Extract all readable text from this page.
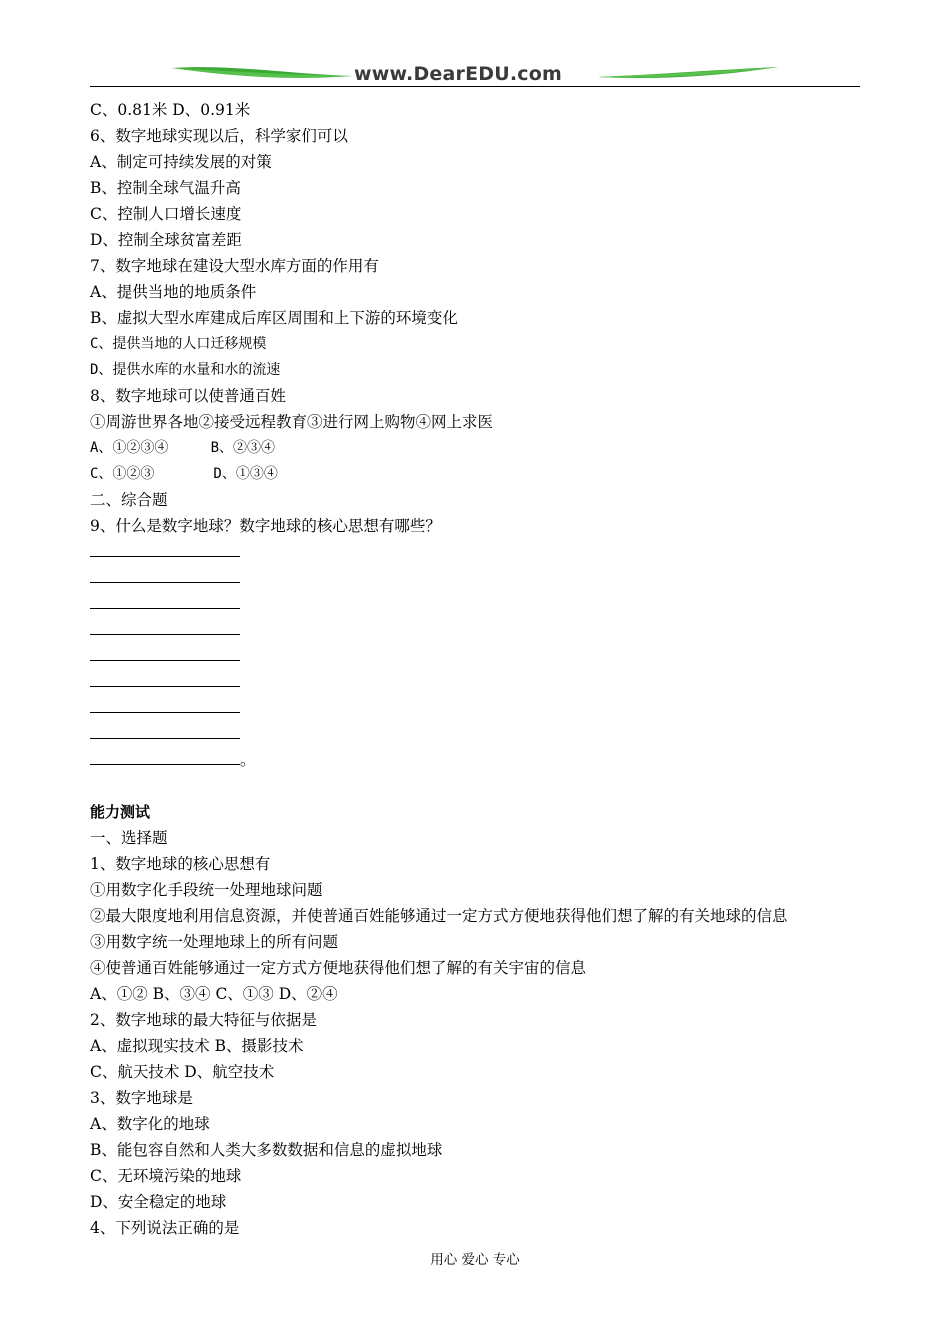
www.DearEDU.com
C、0.81米 D、0.91米
6、数字地球实现以后，科学家们可以
A、制定可持续发展的对策
B、控制全球气温升高
C、控制人口增长速度
D、控制全球贫富差距
7、数字地球在建设大型水库方面的作用有
A、提供当地的地质条件
B、虚拟大型水库建成后库区周围和上下游的环境变化
C、提供当地的人口迁移规模
D、提供水库的水量和水的流速
8、数字地球可以使普通百姓
①周游世界各地②接受远程教育③进行网上购物④网上求医
A、①②③④     B、②③④
C、①②③       D、①③④
二、综合题
9、什么是数字地球？数字地球的核心思想有哪些？
。
能力测试
一、选择题
1、数字地球的核心思想有
①用数字化手段统一处理地球问题
②最大限度地利用信息资源，并使普通百姓能够通过一定方式方便地获得他们想了解的有关地球的信息
③用数字统一处理地球上的所有问题
④使普通百姓能够通过一定方式方便地获得他们想了解的有关宇宙的信息
A、①② B、③④ C、①③ D、②④
2、数字地球的最大特征与依据是
A、虚拟现实技术 B、摄影技术
C、航天技术 D、航空技术
3、数字地球是
A、数字化的地球
B、能包容自然和人类大多数数据和信息的虚拟地球
C、无环境污染的地球
D、安全稳定的地球
4、下列说法正确的是
用心 爱心 专心
